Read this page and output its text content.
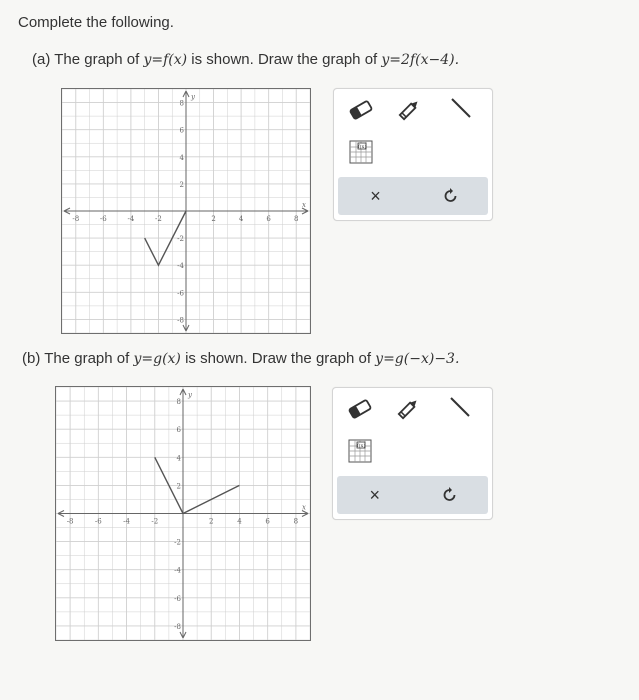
Complete the following.
(a) The graph of y=f(x) is shown. Draw the graph of y=2f(x−4).
-8	-6	-4	-2	2	4	6	8
8
6
4
2
-2
-4
-6
-8
x
y
f(x)
×
(b) The graph of y=g(x) is shown. Draw the graph of y=g(−x)−3.
-8	-6	-4	-2	2	4	6	8
8
6
4
2
-2
-4
-6
-8
x
y
f(x)
×
